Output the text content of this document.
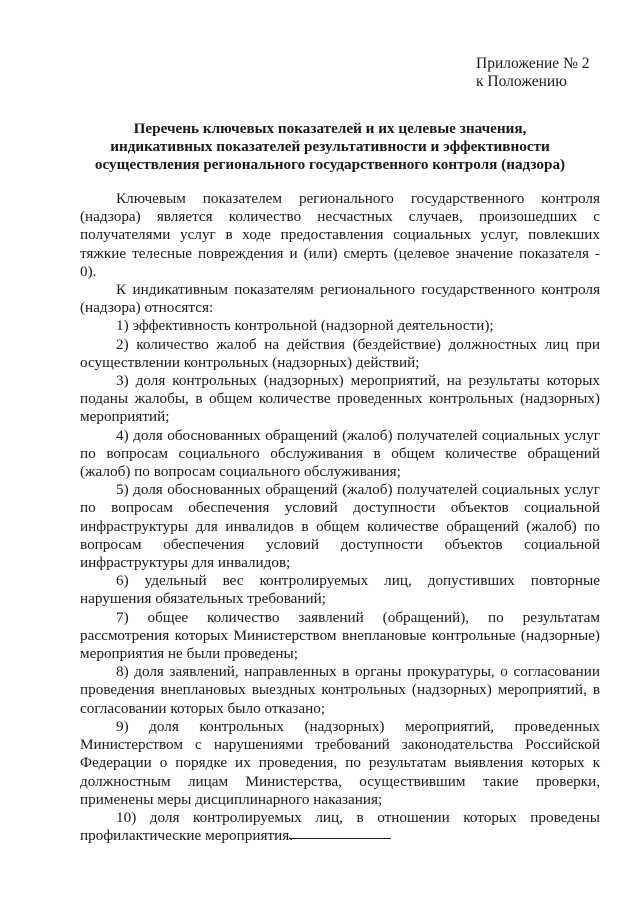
Приложение № 2
к Положению
Перечень ключевых показателей и их целевые значения,
индикативных показателей результативности и эффективности
осуществления регионального государственного контроля (надзора)

Ключевым показателем регионального государственного контроля (надзора) является количество несчастных случаев, произошедших с получателями услуг в ходе предоставления социальных услуг, повлекших тяжкие телесные повреждения и (или) смерть (целевое значение показателя - 0).

К индикативным показателям регионального государственного контроля (надзора) относятся:

1) эффективность контрольной (надзорной деятельности);

2) количество жалоб на действия (бездействие) должностных лиц при осуществлении контрольных (надзорных) действий;

3) доля контрольных (надзорных) мероприятий, на результаты которых поданы жалобы, в общем количестве проведенных контрольных (надзорных) мероприятий;

4) доля обоснованных обращений (жалоб) получателей социальных услуг по вопросам социального обслуживания в общем количестве обращений (жалоб) по вопросам социального обслуживания;

5) доля обоснованных обращений (жалоб) получателей социальных услуг по вопросам обеспечения условий доступности объектов социальной инфраструктуры для инвалидов в общем количестве обращений (жалоб) по вопросам обеспечения условий доступности объектов социальной инфраструктуры для инвалидов;

6) удельный вес контролируемых лиц, допустивших повторные нарушения обязательных требований;

7) общее количество заявлений (обращений), по результатам рассмотрения которых Министерством внеплановые контрольные (надзорные) мероприятия не были проведены;

8) доля заявлений, направленных в органы прокуратуры, о согласовании проведения внеплановых выездных контрольных (надзорных) мероприятий, в согласовании которых было отказано;

9) доля контрольных (надзорных) мероприятий, проведенных Министерством с нарушениями требований законодательства Российской Федерации о порядке их проведения, по результатам выявления которых к должностным лицам Министерства, осуществившим такие проверки, применены меры дисциплинарного наказания;

10) доля контролируемых лиц, в отношении которых проведены профилактические мероприятия.
